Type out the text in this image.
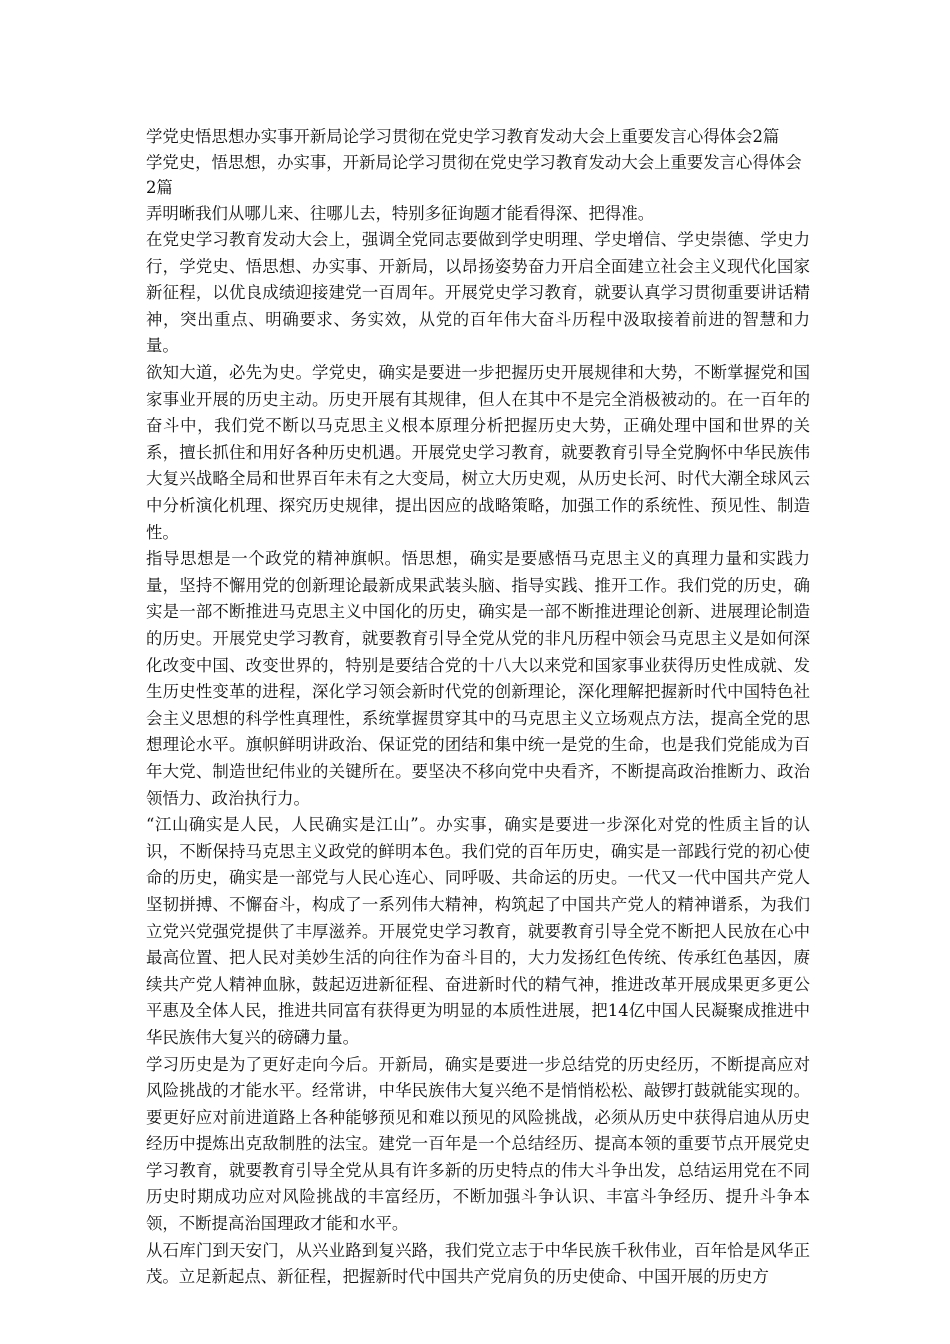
学党史悟思想办实事开新局论学习贯彻在党史学习教育发动大会上重要发言心得体会2篇

学党史，悟思想，办实事，开新局论学习贯彻在党史学习教育发动大会上重要发言心得体会2篇

弄明晰我们从哪儿来、往哪儿去，特别多征询题才能看得深、把得准。

在党史学习教育发动大会上，强调全党同志要做到学史明理、学史增信、学史崇德、学史力行，学党史、悟思想、办实事、开新局，以昂扬姿势奋力开启全面建立社会主义现代化国家新征程，以优良成绩迎接建党一百周年。开展党史学习教育，就要认真学习贯彻重要讲话精神，突出重点、明确要求、务实效，从党的百年伟大奋斗历程中汲取接着前进的智慧和力量。

欲知大道，必先为史。学党史，确实是要进一步把握历史开展规律和大势，不断掌握党和国家事业开展的历史主动。历史开展有其规律，但人在其中不是完全消极被动的。在一百年的奋斗中，我们党不断以马克思主义根本原理分析把握历史大势，正确处理中国和世界的关系，擅长抓住和用好各种历史机遇。开展党史学习教育，就要教育引导全党胸怀中华民族伟大复兴战略全局和世界百年未有之大变局，树立大历史观，从历史长河、时代大潮全球风云中分析演化机理、探究历史规律，提出因应的战略策略，加强工作的系统性、预见性、制造性。

指导思想是一个政党的精神旗帜。悟思想，确实是要感悟马克思主义的真理力量和实践力量，坚持不懈用党的创新理论最新成果武装头脑、指导实践、推开工作。我们党的历史，确实是一部不断推进马克思主义中国化的历史，确实是一部不断推进理论创新、进展理论制造的历史。开展党史学习教育，就要教育引导全党从党的非凡历程中领会马克思主义是如何深化改变中国、改变世界的，特别是要结合党的十八大以来党和国家事业获得历史性成就、发生历史性变革的进程，深化学习领会新时代党的创新理论，深化理解把握新时代中国特色社会主义思想的科学性真理性，系统掌握贯穿其中的马克思主义立场观点方法，提高全党的思想理论水平。旗帜鲜明讲政治、保证党的团结和集中统一是党的生命，也是我们党能成为百年大党、制造世纪伟业的关键所在。要坚决不移向党中央看齐，不断提高政治推断力、政治领悟力、政治执行力。

“江山确实是人民，人民确实是江山”。办实事，确实是要进一步深化对党的性质主旨的认识，不断保持马克思主义政党的鲜明本色。我们党的百年历史，确实是一部践行党的初心使命的历史，确实是一部党与人民心连心、同呼吸、共命运的历史。一代又一代中国共产党人坚韧拼搏、不懈奋斗，构成了一系列伟大精神，构筑起了中国共产党人的精神谱系，为我们立党兴党强党提供了丰厚滋养。开展党史学习教育，就要教育引导全党不断把人民放在心中最高位置、把人民对美妙生活的向往作为奋斗目的，大力发扬红色传统、传承红色基因，赓续共产党人精神血脉，鼓起迈进新征程、奋进新时代的精气神，推进改革开展成果更多更公平惠及全体人民，推进共同富有获得更为明显的本质性进展，把14亿中国人民凝聚成推进中华民族伟大复兴的磅礴力量。

学习历史是为了更好走向今后。开新局，确实是要进一步总结党的历史经历，不断提高应对风险挑战的才能水平。经常讲，中华民族伟大复兴绝不是悄悄松松、敲锣打鼓就能实现的。要更好应对前进道路上各种能够预见和难以预见的风险挑战，必须从历史中获得启迪从历史经历中提炼出克敌制胜的法宝。建党一百年是一个总结经历、提高本领的重要节点开展党史学习教育，就要教育引导全党从具有许多新的历史特点的伟大斗争出发，总结运用党在不同历史时期成功应对风险挑战的丰富经历，不断加强斗争认识、丰富斗争经历、提升斗争本领，不断提高治国理政才能和水平。

从石库门到天安门，从兴业路到复兴路，我们党立志于中华民族千秋伟业，百年恰是风华正茂。立足新起点、新征程，把握新时代中国共产党肩负的历史使命、中国开展的历史方
